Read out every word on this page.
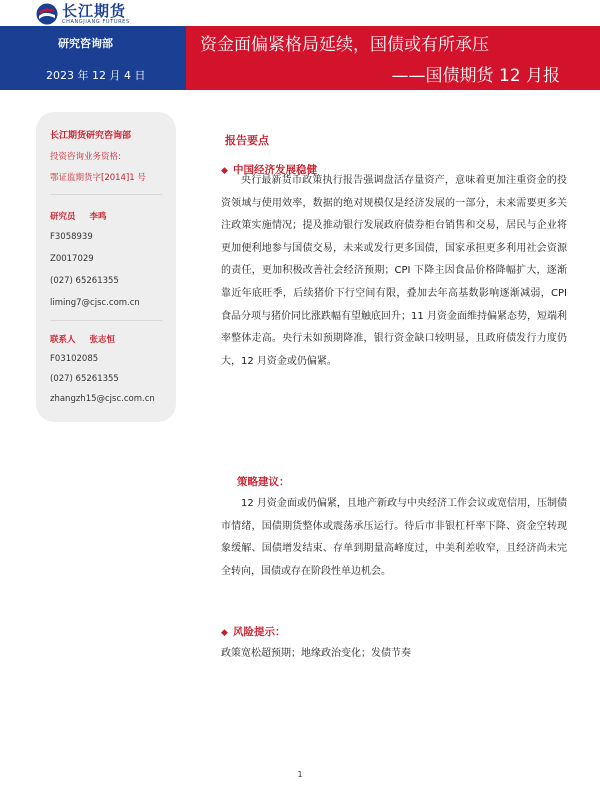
长江期货
CHANGJIANG FUTURES
研究咨询部
2023 年 12 月 4 日
资金面偏紧格局延续，国债或有所承压
——国债期货 12 月报
长江期货研究咨询部
投资咨询业务资格:
鄂证监期货字[2014]1 号
研究员 李鸣
F3058939
Z0017029
(027) 65261355
liming7@cjsc.com.cn
联系人 张志恒
F03102085
(027) 65261355
zhangzh15@cjsc.com.cn
报告要点
◆ 中国经济发展稳健

央行最新货币政策执行报告强调盘活存量资产，意味着更加注重资金的投资领域与使用效率，数据的绝对规模仅是经济发展的一部分，未来需要更多关注政策实施情况；提及推动银行发展政府债券柜台销售和交易，居民与企业将更加便利地参与国债交易，未来或发行更多国债，国家承担更多利用社会资源的责任，更加积极改善社会经济预期；CPI 下降主因食品价格降幅扩大，逐渐靠近年底旺季，后续猪价下行空间有限，叠加去年高基数影响逐渐减弱，CPI 食品分项与猪价同比涨跌幅有望触底回升；11 月资金面维持偏紧态势，短端利率整体走高。央行未如预期降准，银行资金缺口较明显，且政府债发行力度仍大，12 月资金或仍偏紧。

策略建议：

12 月资金面或仍偏紧，且地产新政与中央经济工作会议或宽信用，压制债市情绪，国债期货整体或震荡承压运行。待后市非银杠杆率下降、资金空转现象缓解、国债增发结束、存单到期量高峰度过，中美利差收窄，且经济尚未完全转向，国债或存在阶段性单边机会。

◆ 风险提示：
政策宽松超预期；地缘政治变化；发债节奏
1
